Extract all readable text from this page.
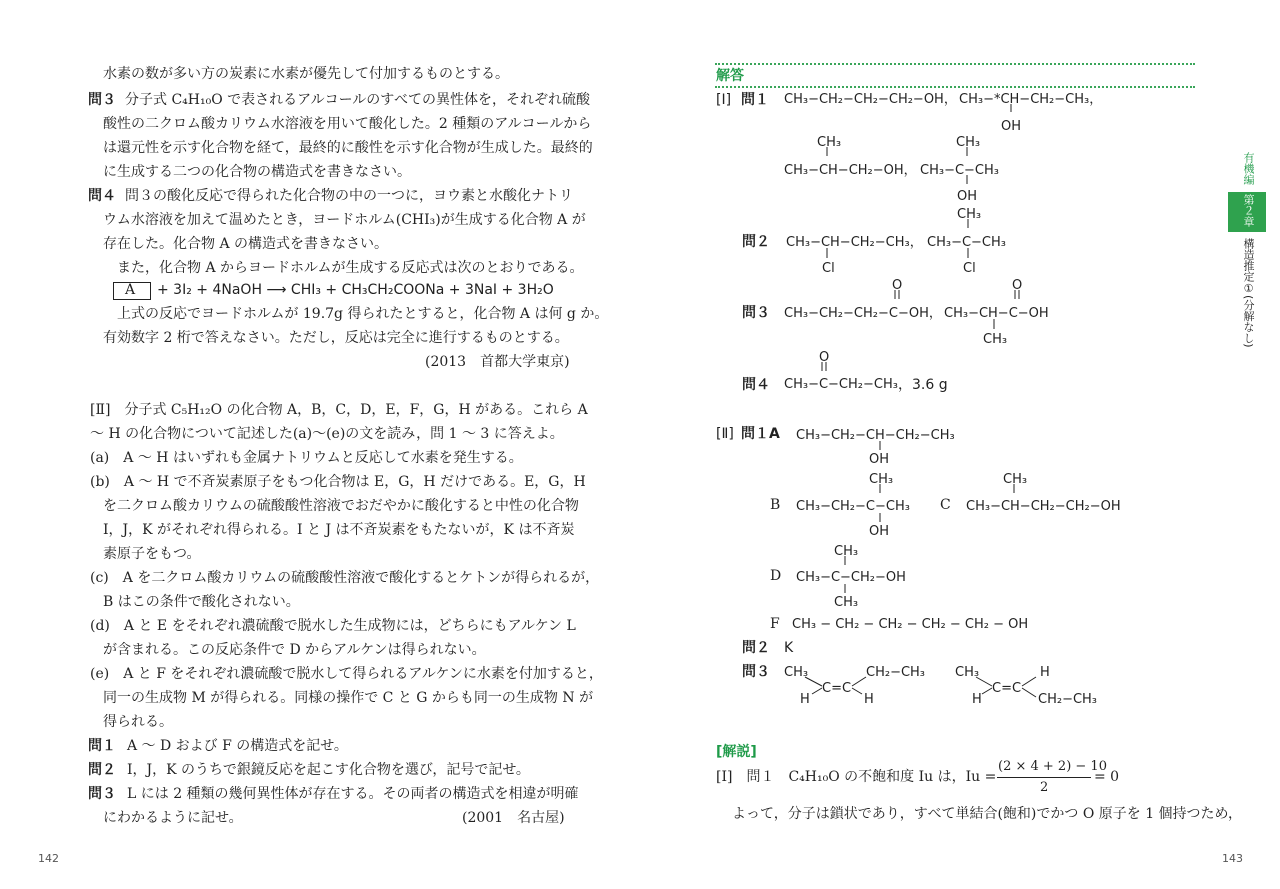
水素の数が多い方の炭素に水素が優先して付加するものとする。
問３ 分子式 C₄H₁₀O で表されるアルコールのすべての異性体を，それぞれ硫酸
酸性の二クロム酸カリウム水溶液を用いて酸化した。2 種類のアルコールから
は還元性を示す化合物を経て，最終的に酸性を示す化合物が生成した。最終的
に生成する二つの化合物の構造式を書きなさい。
問４ 問３の酸化反応で得られた化合物の中の一つに，ヨウ素と水酸化ナトリ
ウム水溶液を加えて温めたとき，ヨードホルム(CHI₃)が生成する化合物 A が
存在した。化合物 A の構造式を書きなさい。
また，化合物 A からヨードホルムが生成する反応式は次のとおりである。
A + 3I₂ + 4NaOH ⟶ CHI₃ + CH₃CH₂COONa + 3NaI + 3H₂O
上式の反応でヨードホルムが 19.7g 得られたとすると，化合物 A は何 g か。
有効数字 2 桁で答えなさい。ただし，反応は完全に進行するものとする。
(2013　首都大学東京)
[Ⅱ]　分子式 C₅H₁₂O の化合物 A，B，C，D，E，F，G，H がある。これら A
～ H の化合物について記述した(a)～(e)の文を読み，問 1 ～ 3 に答えよ。
(a)　A ～ H はいずれも金属ナトリウムと反応して水素を発生する。
(b)　A ～ H で不斉炭素原子をもつ化合物は E，G，H だけである。E，G，H
を二クロム酸カリウムの硫酸酸性溶液でおだやかに酸化すると中性の化合物
I，J，K がそれぞれ得られる。I と J は不斉炭素をもたないが，K は不斉炭
素原子をもつ。
(c)　A を二クロム酸カリウムの硫酸酸性溶液で酸化するとケトンが得られるが，
B はこの条件で酸化されない。
(d)　A と E をそれぞれ濃硫酸で脱水した生成物には，どちらにもアルケン L
が含まれる。この反応条件で D からアルケンは得られない。
(e)　A と F をそれぞれ濃硫酸で脱水して得られるアルケンに水素を付加すると，
同一の生成物 M が得られる。同様の操作で C と G からも同一の生成物 N が
得られる。
問１ A ～ D および F の構造式を記せ。
問２ I，J，K のうちで銀鏡反応を起こす化合物を選び，記号で記せ。
問３ L には 2 種類の幾何異性体が存在する。その両者の構造式を相違が明確
にわかるように記せ。	(2001　名古屋)
142
解答
[Ⅰ] 問１
問２
問３
問４	，3.6 g
[Ⅱ] 問１A
B	C
D
F
問２ K
問３
CH₃−CH₂−CH₂−CH₂−OH， CH₃−*CH−CH₂−CH₃，
OH
CH₃
CH₃−CH−CH₂−OH，
CH₃
CH₃−C−CH₃
OH
CH₃
CH₃−CH−CH₂−CH₃， CH₃−C−CH₃
Cl	Cl
O
CH₃−CH₂−CH₂−C−OH，
O
CH₃−CH−C−OH
CH₃
O
CH₃−C−CH₂−CH₃
CH₃−CH₂−CH−CH₂−CH₃
OH
CH₃
CH₃−CH₂−C−CH₃
OH
CH₃
CH₃−CH−CH₂−CH₂−OH
CH₃
CH₃−C−CH₂−OH
CH₃
CH₃ − CH₂ − CH₂ − CH₂ − CH₂ − OH
CH₃	CH₂−CH₃
C=C
H	H
CH₃	H
C=C
H	CH₂−CH₃
[解説]
[Ⅰ]　問１　C₄H₁₀O の不飽和度 Iu は，Iu =
(2 × 4 + 2) − 10
2
= 0
よって，分子は鎖状であり，すべて単結合(飽和)でかつ O 原子を 1 個持つため，
143
有機編
第２章
構造推定①(分解なし)
